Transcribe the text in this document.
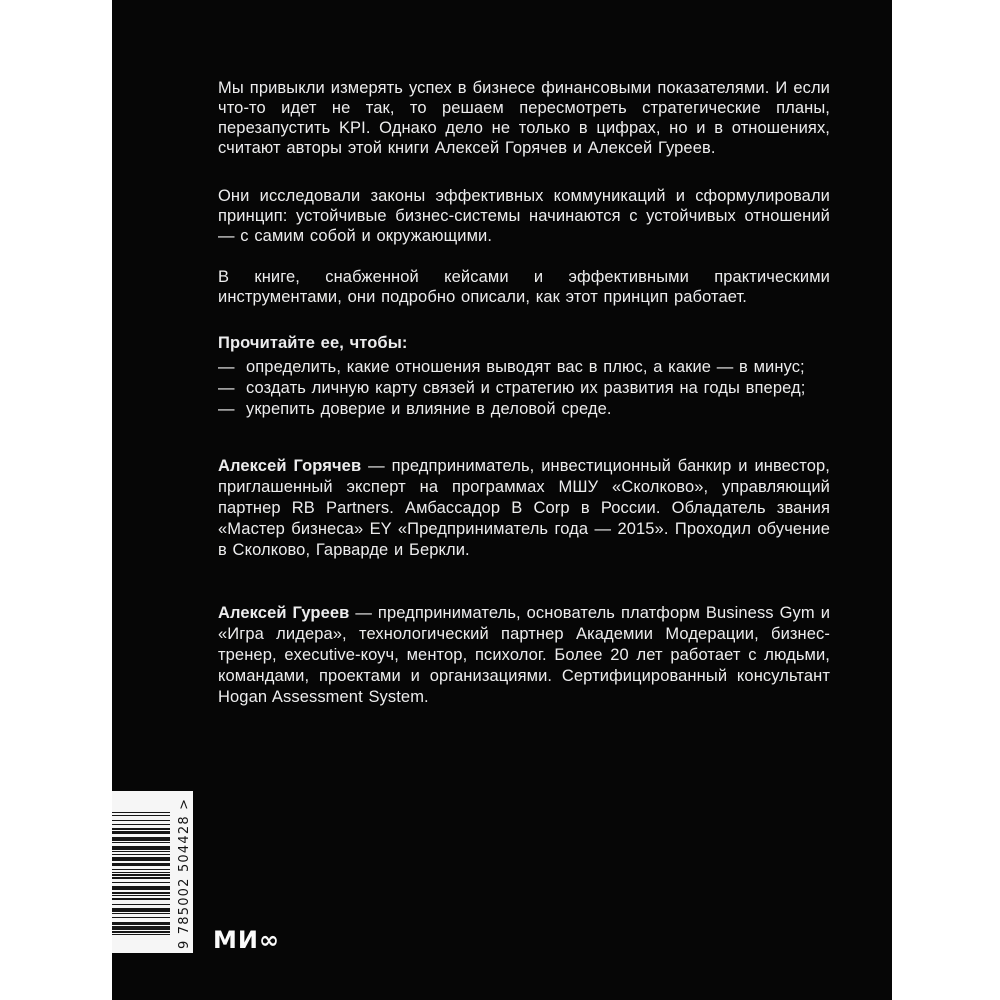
Мы привыкли измерять успех в бизнесе финансовыми показателями. И если что-то идет не так, то решаем пересмотреть стратегические планы, перезапустить KPI. Однако дело не только в цифрах, но и в отношениях, считают авторы этой книги Алексей Горячев и Алексей Гуреев.

Они исследовали законы эффективных коммуникаций и сформулировали принцип: устойчивые бизнес-системы начинаются с устойчивых отношений — с самим собой и окружающими.

В книге, снабженной кейсами и эффективными практическими инструментами, они подробно описали, как этот принцип работает.

Прочитайте ее, чтобы:
— определить, какие отношения выводят вас в плюс, а какие — в минус;
— создать личную карту связей и стратегию их развития на годы вперед;
— укрепить доверие и влияние в деловой среде.

Алексей Горячев — предприниматель, инвестиционный банкир и инвестор, приглашенный эксперт на программах МШУ «Сколково», управляющий партнер RB Partners. Амбассадор B Corp в России. Обладатель звания «Мастер бизнеса» EY «Предприниматель года — 2015». Проходил обучение в Сколково, Гарварде и Беркли.

Алексей Гуреев — предприниматель, основатель платформ Business Gym и «Игра лидера», технологический партнер Академии Модерации, бизнес-тренер, executive-коуч, ментор, психолог. Более 20 лет работает с людьми, командами, проектами и организациями. Сертифицированный консультант Hogan Assessment System.

9 785002 504428 >
МИ∞
